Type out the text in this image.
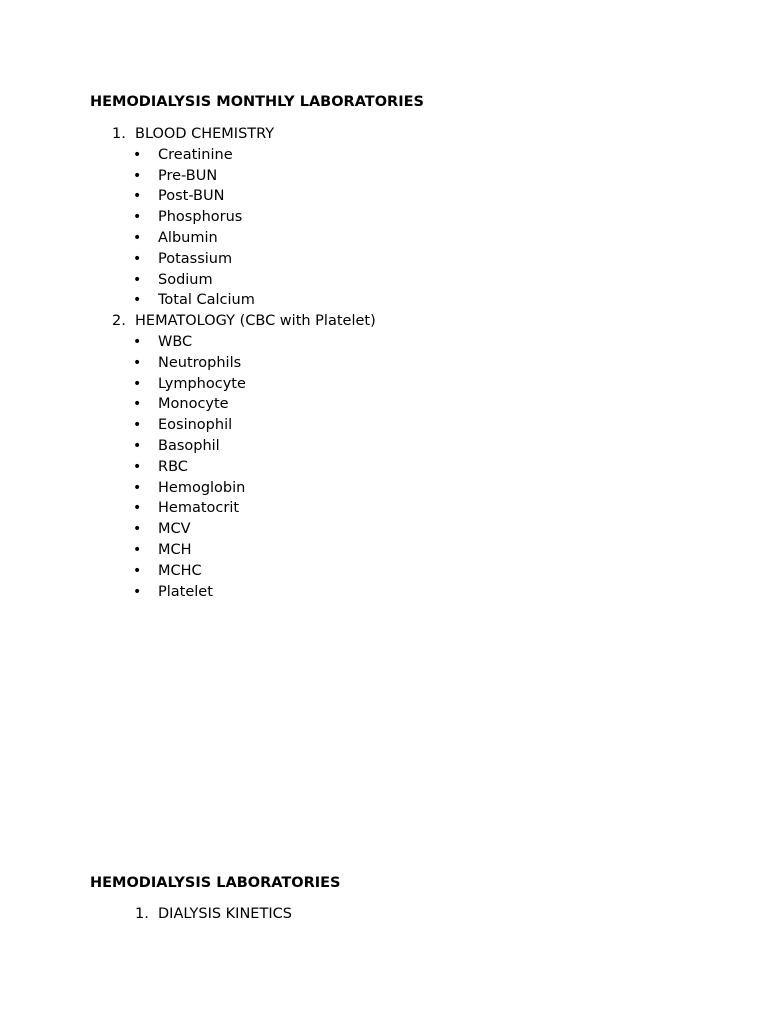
HEMODIALYSIS MONTHLY LABORATORIES
1. BLOOD CHEMISTRY
• Creatinine
• Pre-BUN
• Post-BUN
• Phosphorus
• Albumin
• Potassium
• Sodium
• Total Calcium
2. HEMATOLOGY (CBC with Platelet)
• WBC
• Neutrophils
• Lymphocyte
• Monocyte
• Eosinophil
• Basophil
• RBC
• Hemoglobin
• Hematocrit
• MCV
• MCH
• MCHC
• Platelet
HEMODIALYSIS LABORATORIES
1. DIALYSIS KINETICS
